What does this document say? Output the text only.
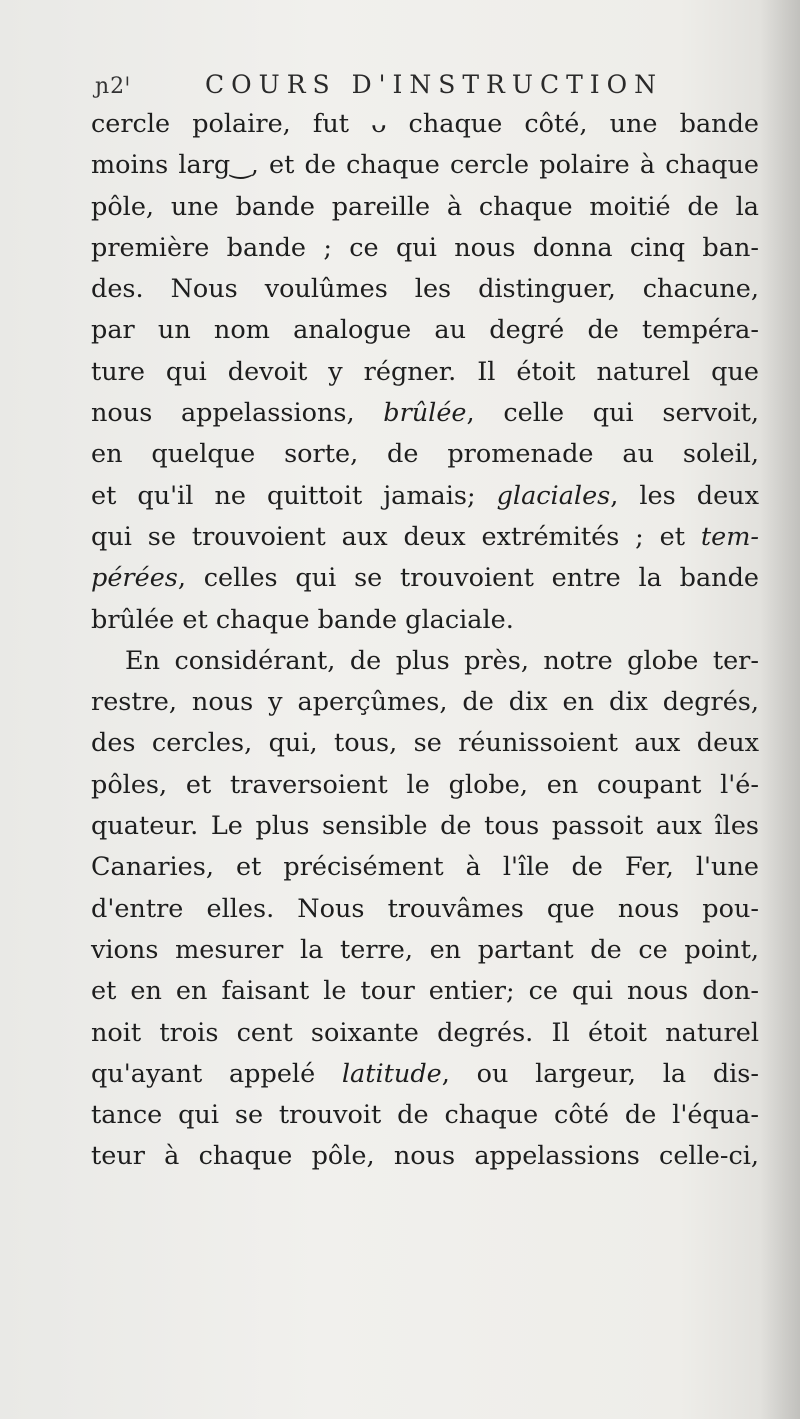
ɲ2ᑊ	COURS D'INSTRUCTION
cercle polaire, fut ᴗ chaque côté, une bande
moins larg‿, et de chaque cercle polaire à chaque
pôle, une bande pareille à chaque moitié de la
première bande ; ce qui nous donna cinq ban-
des. Nous voulûmes les distinguer, chacune,
par un nom analogue au degré de tempéra-
ture qui devoit y régner. Il étoit naturel que
nous appelassions, brûlée, celle qui servoit,
en quelque sorte, de promenade au soleil,
et qu'il ne quittoit jamais; glaciales, les deux
qui se trouvoient aux deux extrémités ; et tem-
pérées, celles qui se trouvoient entre la bande
brûlée et chaque bande glaciale.
En considérant, de plus près, notre globe ter-
restre, nous y aperçûmes, de dix en dix degrés,
des cercles, qui, tous, se réunissoient aux deux
pôles, et traversoient le globe, en coupant l'é-
quateur. Le plus sensible de tous passoit aux îles
Canaries, et précisément à l'île de Fer, l'une
d'entre elles. Nous trouvâmes que nous pou-
vions mesurer la terre, en partant de ce point,
et en en faisant le tour entier; ce qui nous don-
noit trois cent soixante degrés. Il étoit naturel
qu'ayant appelé latitude, ou largeur, la dis-
tance qui se trouvoit de chaque côté de l'équa-
teur à chaque pôle, nous appelassions celle-ci,
